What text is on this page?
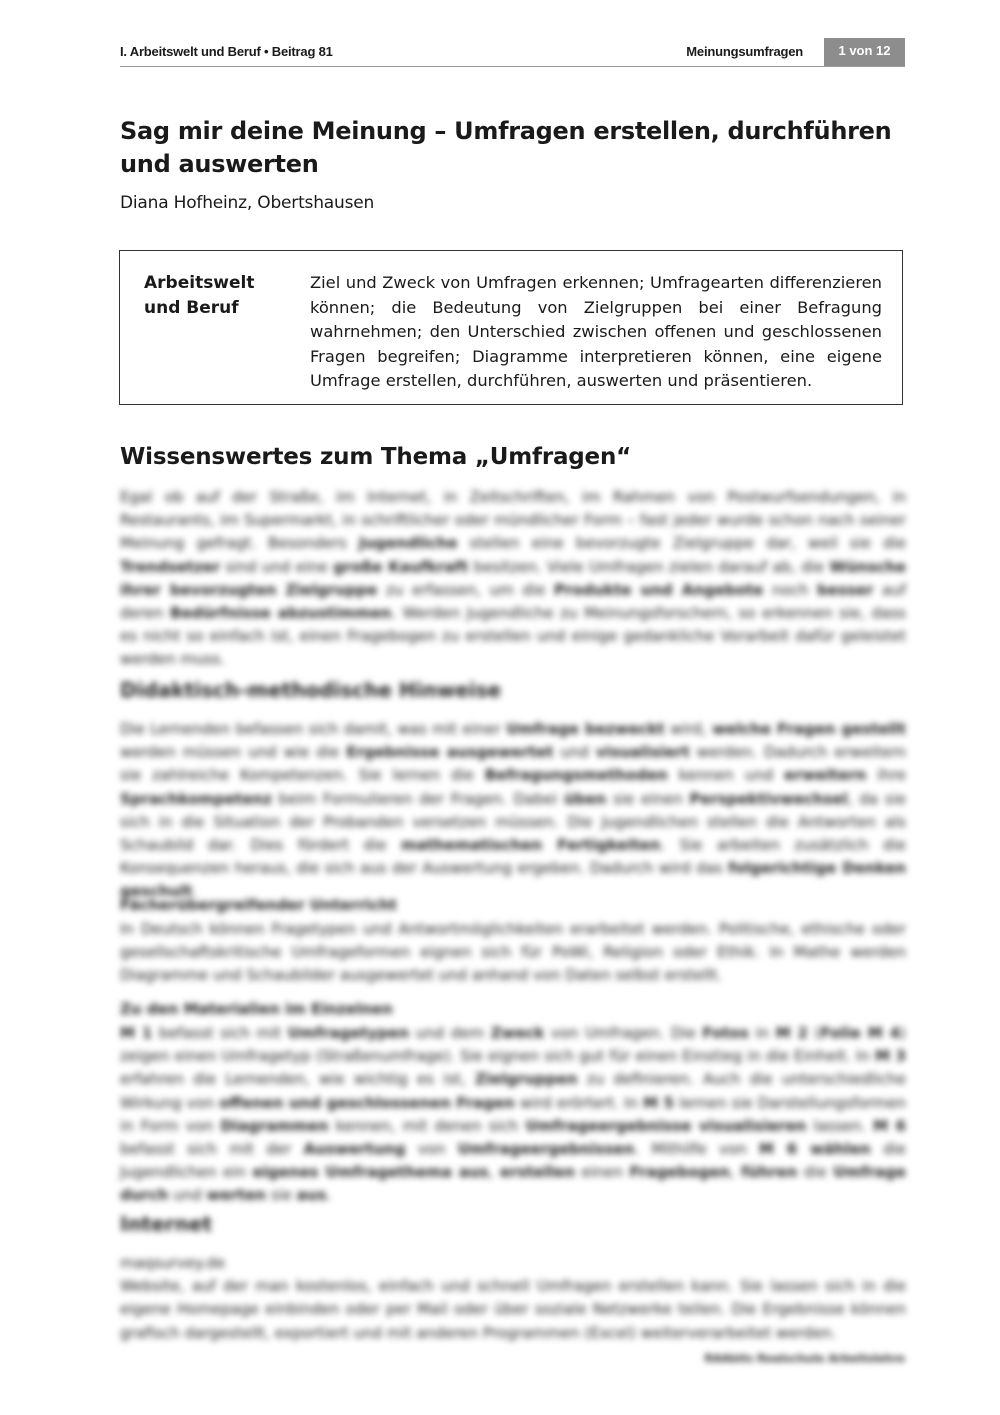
I. Arbeitswelt und Beruf • Beitrag 81	Meinungsumfragen	1 von 12
Sag mir deine Meinung – Umfragen erstellen, durchführen und auswerten
Diana Hofheinz, Obertshausen
Arbeitswelt
und Beruf
Ziel und Zweck von Umfragen erkennen; Umfragearten differenzieren können; die Bedeutung von Zielgruppen bei einer Befragung wahrnehmen; den Unterschied zwischen offenen und geschlossenen Fragen begreifen; Diagramme interpretieren können, eine eigene Umfrage erstellen, durchführen, auswerten und präsentieren.
Wissenswertes zum Thema „Umfragen“
Egal ob auf der Straße, im Internet, in Zeitschriften, im Rahmen von Postwurfsendungen, in Restaurants, im Supermarkt, in schriftlicher oder mündlicher Form – fast jeder wurde schon nach seiner Meinung gefragt. Besonders Jugendliche stellen eine bevorzugte Zielgruppe dar, weil sie die Trendsetzer sind und eine große Kaufkraft besitzen. Viele Umfragen zielen darauf ab, die Wünsche ihrer bevorzugten Zielgruppe zu erfassen, um die Produkte und Angebote noch besser auf deren Bedürfnisse abzustimmen. Werden Jugendliche zu Meinungsforschern, so erkennen sie, dass es nicht so einfach ist, einen Fragebogen zu erstellen und einige gedankliche Vorarbeit dafür geleistet werden muss.
Didaktisch-methodische Hinweise
Die Lernenden befassen sich damit, was mit einer Umfrage bezweckt wird, welche Fragen gestellt werden müssen und wie die Ergebnisse ausgewertet und visualisiert werden. Dadurch erweitern sie zahlreiche Kompetenzen. Sie lernen die Befragungsmethoden kennen und erweitern ihre Sprachkompetenz beim Formulieren der Fragen. Dabei üben sie einen Perspektivwechsel, da sie sich in die Situation der Probanden versetzen müssen. Die Jugendlichen stellen die Antworten als Schaubild dar. Dies fördert die mathematischen Fertigkeiten. Sie arbeiten zusätzlich die Konsequenzen heraus, die sich aus der Auswertung ergeben. Dadurch wird das folgerichtige Denken geschult.
Fächerübergreifender Unterricht
In Deutsch können Fragetypen und Antwortmöglichkeiten erarbeitet werden. Politische, ethische oder gesellschaftskritische Umfrageformen eignen sich für PoWi, Religion oder Ethik. In Mathe werden Diagramme und Schaubilder ausgewertet und anhand von Daten selbst erstellt.
Zu den Materialien im Einzelnen
M 1 befasst sich mit Umfragetypen und dem Zweck von Umfragen. Die Fotos in M 2 (Folie M 4) zeigen einen Umfragetyp (Straßenumfrage). Sie eignen sich gut für einen Einstieg in die Einheit. In M 3 erfahren die Lernenden, wie wichtig es ist, Zielgruppen zu definieren. Auch die unterschiedliche Wirkung von offenen und geschlossenen Fragen wird erörtert. In M 5 lernen sie Darstellungsformen in Form von Diagrammen kennen, mit denen sich Umfrageergebnisse visualisieren lassen. M 6 befasst sich mit der Auswertung von Umfrageergebnissen. Mithilfe von M 6 wählen die Jugendlichen ein eigenes Umfragethema aus, erstellen einen Fragebogen, führen die Umfrage durch und werten sie aus.
Internet
maqsurvey.de
Website, auf der man kostenlos, einfach und schnell Umfragen erstellen kann. Sie lassen sich in die eigene Homepage einbinden oder per Mail oder über soziale Netzwerke teilen. Die Ergebnisse können grafisch dargestellt, exportiert und mit anderen Programmen (Excel) weiterverarbeitet werden.
RAAbits Realschule Arbeitslehre
